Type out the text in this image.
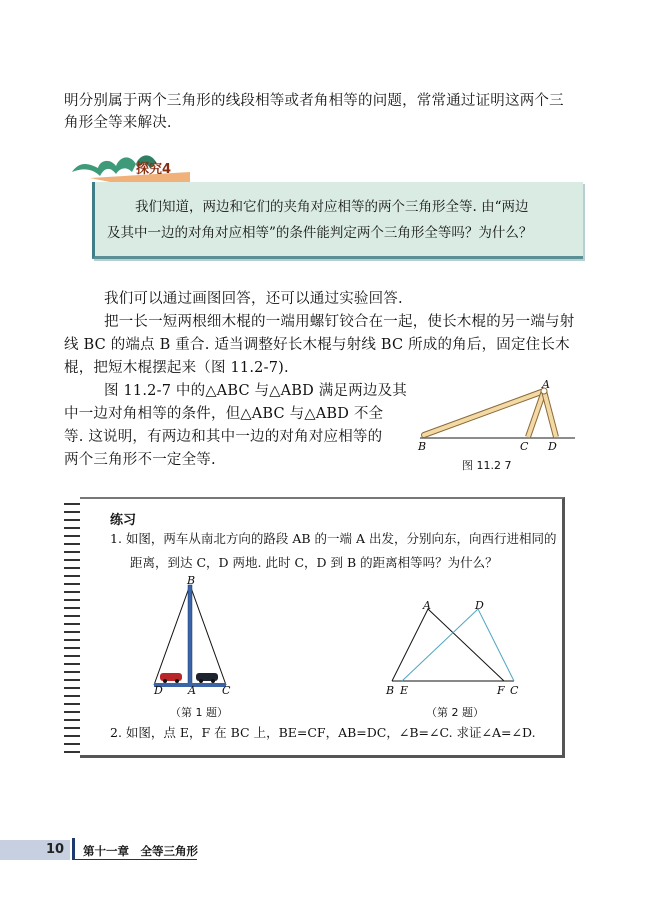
明分别属于两个三角形的线段相等或者角相等的问题，常常通过证明这两个三
角形全等来解决.
探究4
我们知道，两边和它们的夹角对应相等的两个三角形全等. 由“两边
及其中一边的对角对应相等”的条件能判定两个三角形全等吗？为什么？
我们可以通过画图回答，还可以通过实验回答.
把一长一短两根细木棍的一端用螺钉铰合在一起，使长木棍的另一端与射
线 BC 的端点 B 重合. 适当调整好长木棍与射线 BC 所成的角后，固定住长木
棍，把短木棍摆起来（图 11.2-7).
图 11.2-7 中的△ABC 与△ABD 满足两边及其
中一边对角相等的条件，但△ABC 与△ABD 不全
等. 这说明，有两边和其中一边的对角对应相等的
两个三角形不一定全等.
A
B	C D
图 11.2 7
练习
1. 如图，两车从南北方向的路段 AB 的一端 A 出发，分别向东，向西行进相同的
距离，到达 C，D 两地. 此时 C，D 到 B 的距离相等吗？为什么？
B
D A C
（第 1 题）
A	D
B E	F C
（第 2 题）
2. 如图，点 E，F 在 BC 上，BE=CF，AB=DC，∠B=∠C. 求证∠A=∠D.
10 第十一章　全等三角形
